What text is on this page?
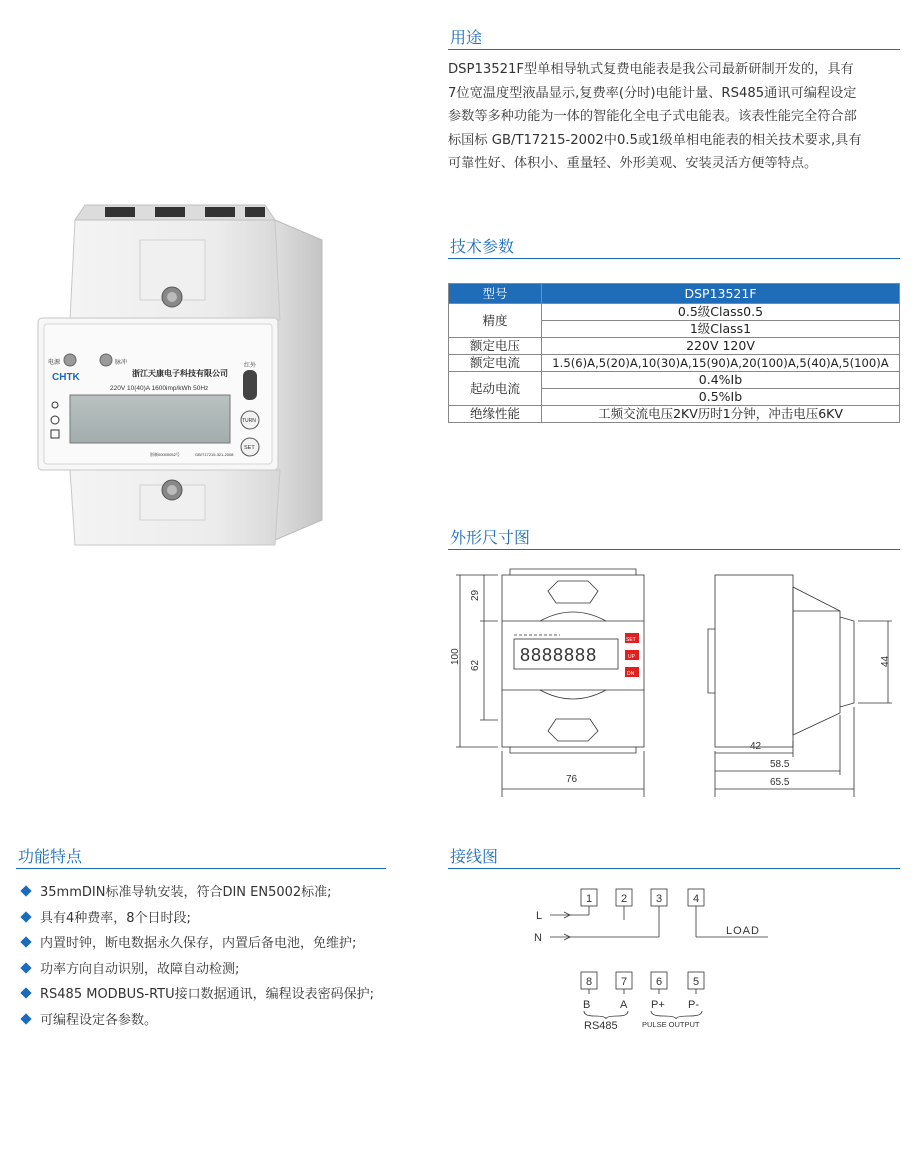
用途
技术参数
外形尺寸图
功能特点	接线图
DSP13521F型单相导轨式复费电能表是我公司最新研制开发的，具有
7位宽温度型液晶显示,复费率(分时)电能计量、RS485通讯可编程设定
参数等多种功能为一体的智能化全电子式电能表。该表性能完全符合部
标国标 GB/T17215-2002中0.5或1级单相电能表的相关技术要求,具有
可靠性好、体积小、重量轻、外形美观、安装灵活方便等特点。
电源	脉冲
CHTK	浙江天康电子科技有限公司
220V 10(40)A 1600imp/kWh 50Hz
红外
TURN
SET
浙制00000052号	GB/T17215.321-2008
型号	DSP13521F
精度	0.5级Class0.5
	1级Class1
额定电压	220V 120V
额定电流	1.5(6)A,5(20)A,10(30)A,15(90)A,20(100)A,5(40)A,5(100)A
起动电流	0.4%Ib
	0.5%Ib
绝缘性能	工频交流电压2KV历时1分钟，冲击电压6KV
8888888
SET
UP
DN
29
100
62
76
44
42
58.5
65.5
35mmDIN标准导轨安装，符合DIN EN5002标准;
具有4种费率，8个日时段;
内置时钟，断电数据永久保存，内置后备电池，免维护;
功率方向自动识别，故障自动检测;
RS485 MODBUS-RTU接口数据通讯，编程设表密码保护;
可编程设定各参数。
1	2	3	4
8	7	6	5
L
N
LOAD
B	A P+ P-
RS485	PULSE OUTPUT
